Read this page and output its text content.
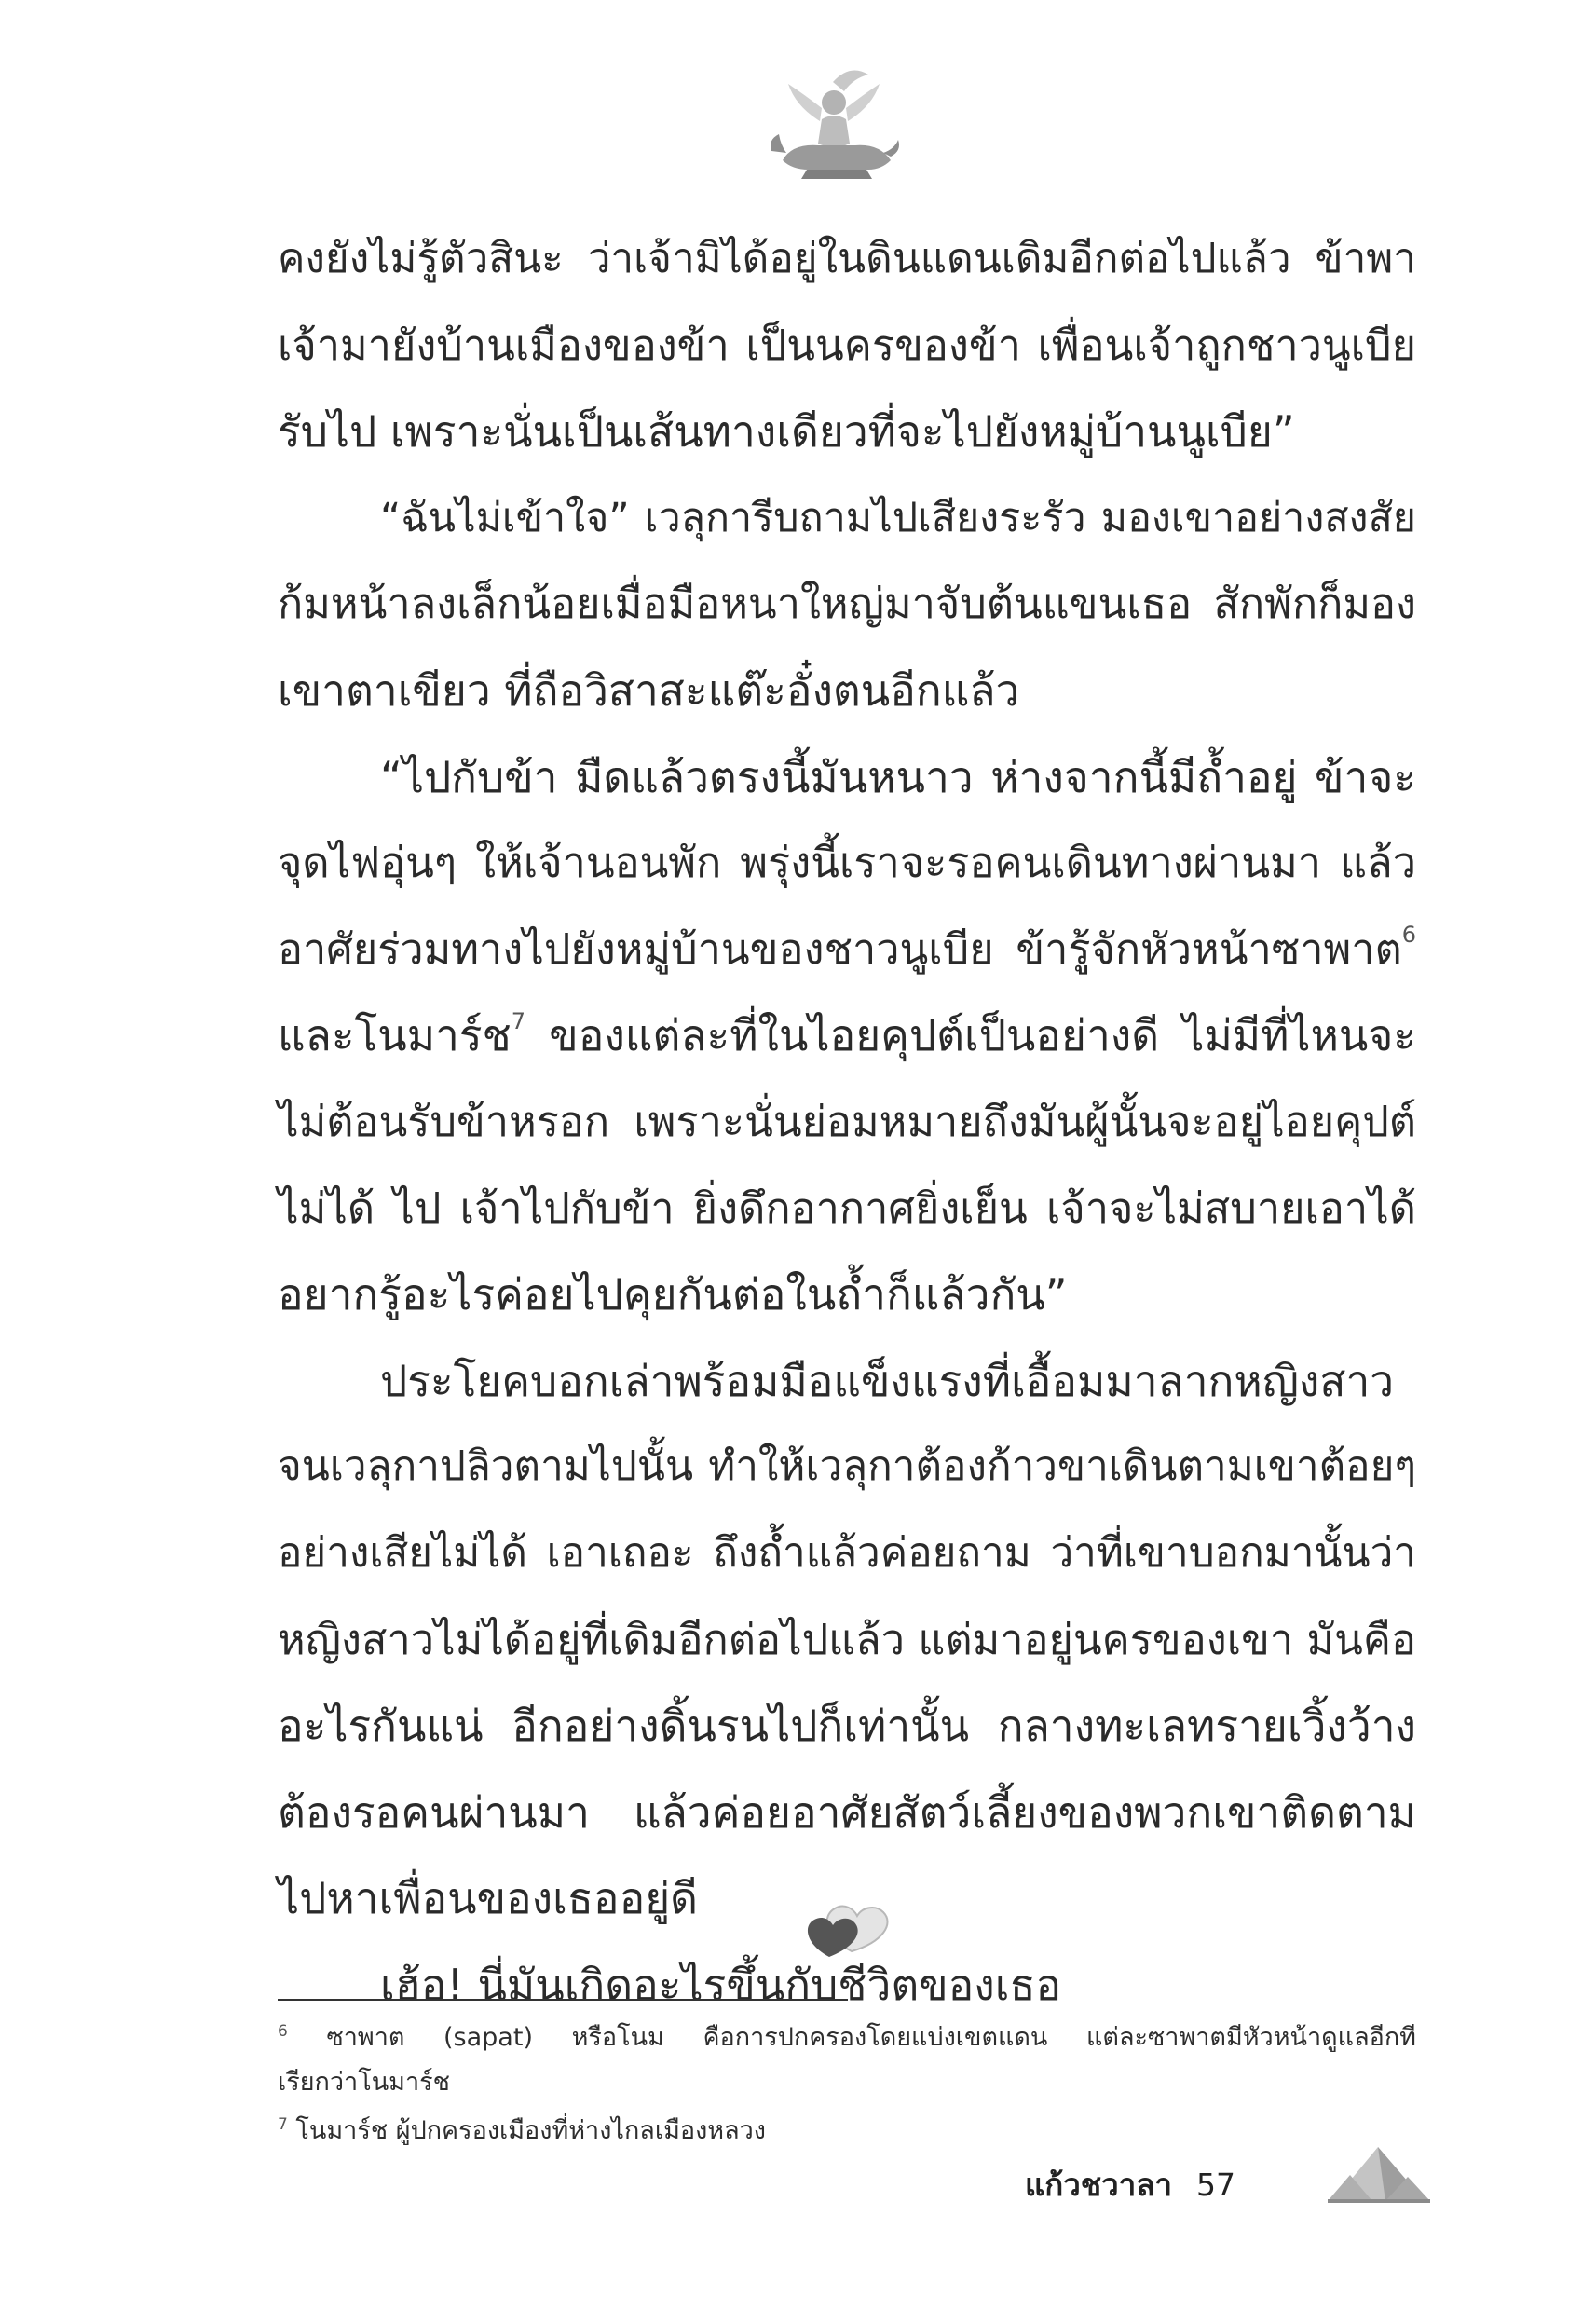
คงยังไม่รู้ตัวสินะ ว่าเจ้ามิได้อยู่ในดินแดนเดิมอีกต่อไปแล้ว ข้าพา
เจ้ามายังบ้านเมืองของข้า เป็นนครของข้า เพื่อนเจ้าถูกชาวนูเบีย
รับไป เพราะนั่นเป็นเส้นทางเดียวที่จะไปยังหมู่บ้านนูเบีย”

“ฉันไม่เข้าใจ” เวลุการีบถามไปเสียงระรัว มองเขาอย่างสงสัย
ก้มหน้าลงเล็กน้อยเมื่อมือหนาใหญ่มาจับต้นแขนเธอ สักพักก็มอง
เขาตาเขียว ที่ถือวิสาสะแต๊ะอั๋งตนอีกแล้ว

“ไปกับข้า มืดแล้วตรงนี้มันหนาว ห่างจากนี้มีถ้ำอยู่ ข้าจะ
จุดไฟอุ่นๆ ให้เจ้านอนพัก พรุ่งนี้เราจะรอคนเดินทางผ่านมา แล้ว
อาศัยร่วมทางไปยังหมู่บ้านของชาวนูเบีย ข้ารู้จักหัวหน้าซาพาต$^6$
และโนมาร์ช$^7$ ของแต่ละที่ในไอยคุปต์เป็นอย่างดี ไม่มีที่ไหนจะ
ไม่ต้อนรับข้าหรอก เพราะนั่นย่อมหมายถึงมันผู้นั้นจะอยู่ไอยคุปต์
ไม่ได้ ไป เจ้าไปกับข้า ยิ่งดึกอากาศยิ่งเย็น เจ้าจะไม่สบายเอาได้
อยากรู้อะไรค่อยไปคุยกันต่อในถ้ำก็แล้วกัน”

ประโยคบอกเล่าพร้อมมือแข็งแรงที่เอื้อมมาลากหญิงสาว
จนเวลุกาปลิวตามไปนั้น ทำให้เวลุกาต้องก้าวขาเดินตามเขาต้อยๆ
อย่างเสียไม่ได้ เอาเถอะ ถึงถ้ำแล้วค่อยถาม ว่าที่เขาบอกมานั้นว่า
หญิงสาวไม่ได้อยู่ที่เดิมอีกต่อไปแล้ว แต่มาอยู่นครของเขา มันคือ
อะไรกันแน่ อีกอย่างดิ้นรนไปก็เท่านั้น กลางทะเลทรายเวิ้งว้าง
ต้องรอคนผ่านมา แล้วค่อยอาศัยสัตว์เลี้ยงของพวกเขาติดตาม
ไปหาเพื่อนของเธออยู่ดี

เฮ้อ! นี่มันเกิดอะไรขึ้นกับชีวิตของเธอ

$^6$ ซาพาต (sapat) หรือโนม คือการปกครองโดยแบ่งเขตแดน แต่ละซาพาตมีหัวหน้าดูแลอีกที
เรียกว่าโนมาร์ช

$^7$ โนมาร์ช ผู้ปกครองเมืองที่ห่างไกลเมืองหลวง

แก้วชวาลา 57
